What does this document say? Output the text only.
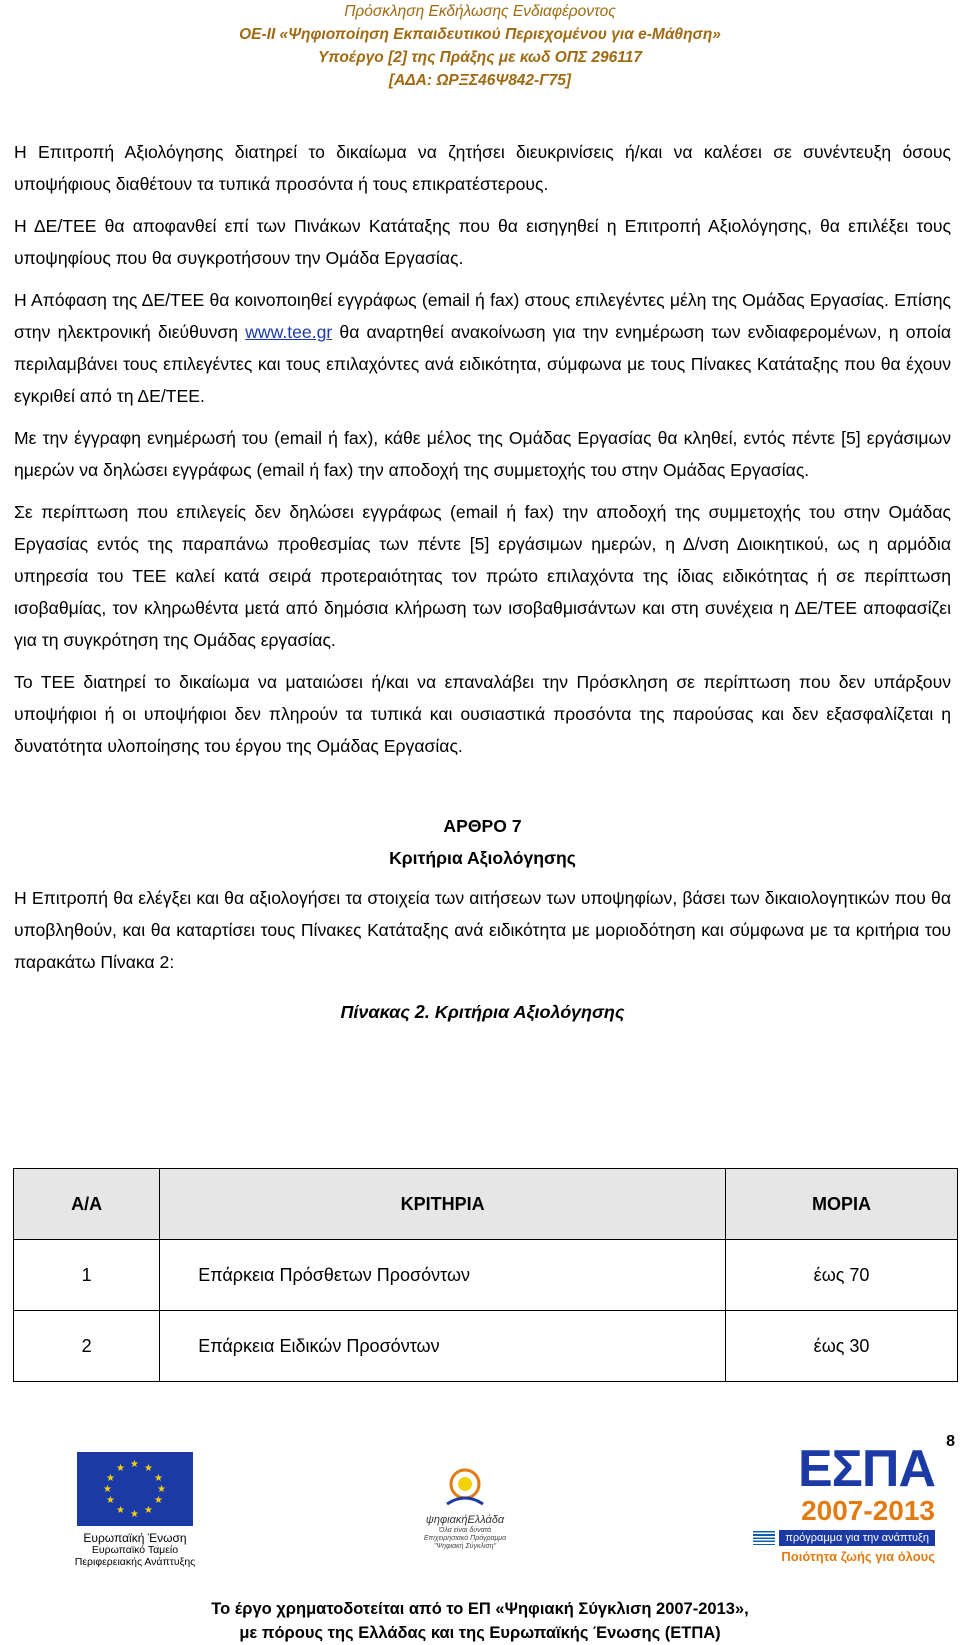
Πρόσκληση Εκδήλωσης Ενδιαφέροντος
ΟΕ-ΙΙ «Ψηφιοποίηση Εκπαιδευτικού Περιεχομένου για e-Μάθηση»
Υποέργο [2] της Πράξης με κωδ ΟΠΣ 296117
[ΑΔΑ: ΩΡΞΣ46Ψ842-Γ75]

Η Επιτροπή Αξιολόγησης διατηρεί το δικαίωμα να ζητήσει διευκρινίσεις ή/και να καλέσει σε συνέντευξη όσους υποψήφιους διαθέτουν τα τυπικά προσόντα ή τους επικρατέστερους.

Η ΔΕ/ΤΕΕ θα αποφανθεί επί των Πινάκων Κατάταξης που θα εισηγηθεί η Επιτροπή Αξιολόγησης, θα επιλέξει τους υποψηφίους που θα συγκροτήσουν την Ομάδα Εργασίας.

Η Απόφαση της ΔΕ/ΤΕΕ θα κοινοποιηθεί εγγράφως (email ή fax) στους επιλεγέντες μέλη της Ομάδας Εργασίας. Επίσης στην ηλεκτρονική διεύθυνση www.tee.gr θα αναρτηθεί ανακοίνωση για την ενημέρωση των ενδιαφερομένων, η οποία περιλαμβάνει τους επιλεγέντες και τους επιλαχόντες ανά ειδικότητα, σύμφωνα με τους Πίνακες Κατάταξης που θα έχουν εγκριθεί από τη ΔΕ/ΤΕΕ.

Με την έγγραφη ενημέρωσή του (email ή fax), κάθε μέλος της Ομάδας Εργασίας θα κληθεί, εντός πέντε [5] εργάσιμων ημερών να δηλώσει εγγράφως (email ή fax) την αποδοχή της συμμετοχής του στην Ομάδας Εργασίας.

Σε περίπτωση που επιλεγείς δεν δηλώσει εγγράφως (email ή fax) την αποδοχή της συμμετοχής του στην Ομάδας Εργασίας εντός της παραπάνω προθεσμίας των πέντε [5] εργάσιμων ημερών, η Δ/νση Διοικητικού, ως η αρμόδια υπηρεσία του ΤΕΕ καλεί κατά σειρά προτεραιότητας τον πρώτο επιλαχόντα της ίδιας ειδικότητας ή σε περίπτωση ισοβαθμίας, τον κληρωθέντα μετά από δημόσια κλήρωση των ισοβαθμισάντων και στη συνέχεια η ΔΕ/ΤΕΕ αποφασίζει για τη συγκρότηση της Ομάδας εργασίας.

Το ΤΕΕ διατηρεί το δικαίωμα να ματαιώσει ή/και να επαναλάβει την Πρόσκληση σε περίπτωση που δεν υπάρξουν υποψήφιοι ή οι υποψήφιοι δεν πληρούν τα τυπικά και ουσιαστικά προσόντα της παρούσας και δεν εξασφαλίζεται η δυνατότητα υλοποίησης του έργου της Ομάδας Εργασίας.

ΑΡΘΡΟ 7
Κριτήρια Αξιολόγησης

Η Επιτροπή θα ελέγξει και θα αξιολογήσει τα στοιχεία των αιτήσεων των υποψηφίων, βάσει των δικαιολογητικών που θα υποβληθούν, και θα καταρτίσει τους Πίνακες Κατάταξης ανά ειδικότητα με μοριοδότηση και σύμφωνα με τα κριτήρια του παρακάτω Πίνακα 2:

Πίνακας 2. Κριτήρια Αξιολόγησης
Α/Α	ΚΡΙΤΗΡΙΑ	ΜΟΡΙΑ
1	Επάρκεια Πρόσθετων Προσόντων	έως 70
2	Επάρκεια Ειδικών Προσόντων	έως 30
8
★ ★
★
★
★
★
★
★
★
★
★
★
Ευρωπαϊκή Ένωση
Ευρωπαϊκό Ταμείο
Περιφερειακής Ανάπτυξης
ψηφιακήΕλλάδα
Όλα είναι δυνατά
Επιχειρησιακό Πρόγραμμα
"Ψηφιακή Σύγκλιση"
ΕΣΠΑ
2007-2013
πρόγραμμα για την ανάπτυξη
Ποιότητα ζωής για όλους
Το έργο χρηματοδοτείται από το ΕΠ «Ψηφιακή Σύγκλιση 2007-2013»,
με πόρους της Ελλάδας και της Ευρωπαϊκής Ένωσης (ΕΤΠΑ)
